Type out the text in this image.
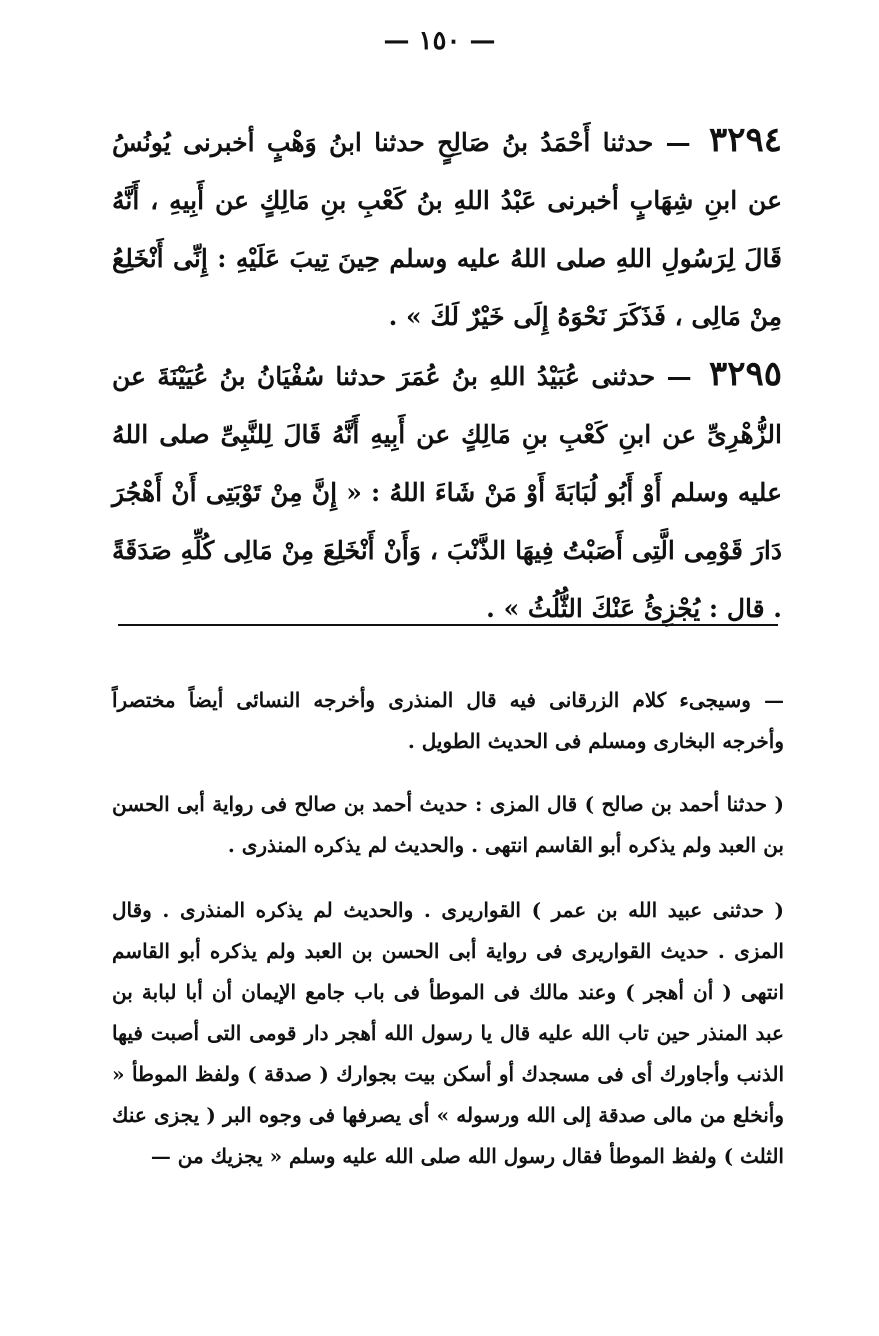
— ١٥٠ —

٣٢٩٤ — حدثنا أَحْمَدُ بنُ صَالِحٍ حدثنا ابنُ وَهْبٍ أخبرنى يُونُسُ عن ابنِ شِهَابٍ أخبرنى عَبْدُ اللهِ بنُ كَعْبِ بنِ مَالِكٍ عن أَبِيهِ ، أَنَّهُ قَالَ لِرَسُولِ اللهِ صلى اللهُ عليه وسلم حِينَ تِيبَ عَلَيْهِ : إِنِّى أَنْخَلِعُ مِنْ مَالِى ، فَذَكَرَ نَحْوَهُ إِلَى خَيْرٌ لَكَ » .

٣٢٩٥ — حدثنى عُبَيْدُ اللهِ بنُ عُمَرَ حدثنا سُفْيَانُ بنُ عُيَيْنَةَ عن الزُّهْرِىِّ عن ابنِ كَعْبِ بنِ مَالِكٍ عن أَبِيهِ أَنَّهُ قَالَ لِلنَّبِىِّ صلى اللهُ عليه وسلم أَوْ أَبُو لُبَابَةَ أَوْ مَنْ شَاءَ اللهُ : « إِنَّ مِنْ تَوْبَتِى أَنْ أَهْجُرَ دَارَ قَوْمِى الَّتِى أَصَبْتُ فِيهَا الذَّنْبَ ، وَأَنْ أَنْخَلِعَ مِنْ مَالِى كُلِّهِ صَدَقَةً . قال : يُجْزِئُ عَنْكَ الثُّلُثُ » .

— وسيجىء كلام الزرقانى فيه قال المنذرى وأخرجه النسائى أيضاً مختصراً وأخرجه البخارى ومسلم فى الحديث الطويل .

( حدثنا أحمد بن صالح ) قال المزى : حديث أحمد بن صالح فى رواية أبى الحسن بن العبد ولم يذكره أبو القاسم انتهى . والحديث لم يذكره المنذرى .

( حدثنى عبيد الله بن عمر ) القواريرى . والحديث لم يذكره المنذرى . وقال المزى . حديث القواريرى فى رواية أبى الحسن بن العبد ولم يذكره أبو القاسم انتهى ( أن أهجر ) وعند مالك فى الموطأ فى باب جامع الإيمان أن أبا لبابة بن عبد المنذر حين تاب الله عليه قال يا رسول الله أهجر دار قومى التى أصبت فيها الذنب وأجاورك أى فى مسجدك أو أسكن بيت بجوارك ( صدقة ) ولفظ الموطأ « وأنخلع من مالى صدقة إلى الله ورسوله » أى يصرفها فى وجوه البر ( يجزى عنك الثلث ) ولفظ الموطأ فقال رسول الله صلى الله عليه وسلم « يجزيك من —
